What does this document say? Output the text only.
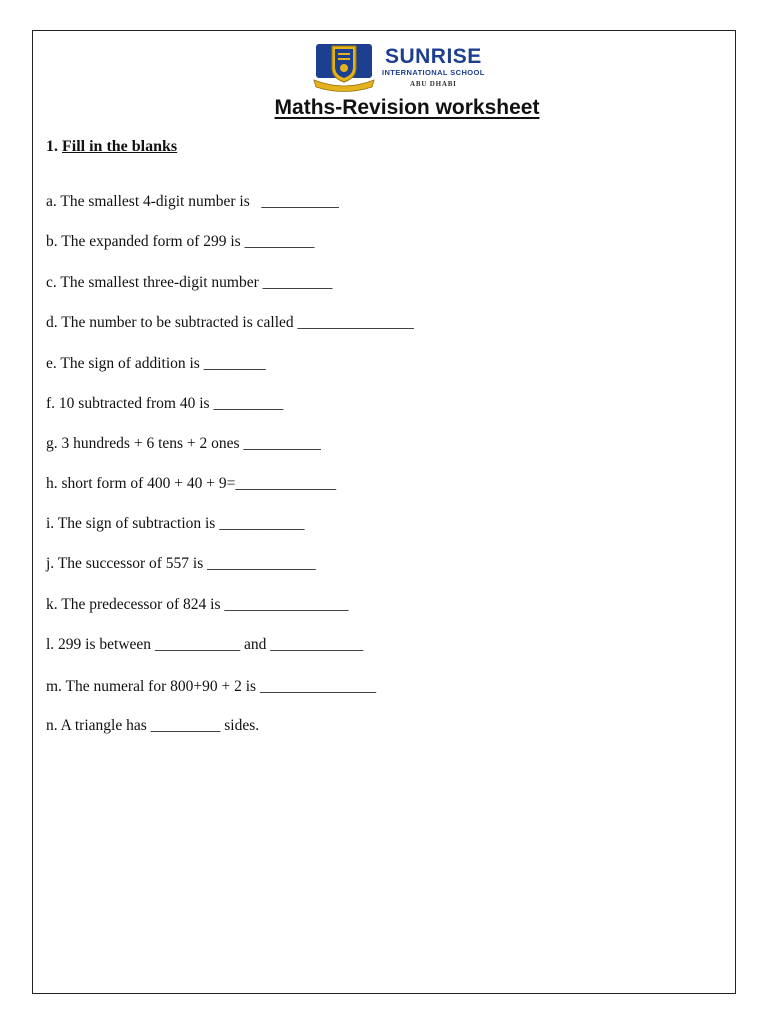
SUNRISE
INTERNATIONAL SCHOOL
ABU DHABI
Maths-Revision worksheet
1. Fill in the blanks
a. The smallest 4-digit number is   __________
b. The expanded form of 299 is _________
c. The smallest three-digit number _________
d. The number to be subtracted is called _______________
e. The sign of addition is ________
f. 10 subtracted from 40 is _________
g. 3 hundreds + 6 tens + 2 ones __________
h. short form of 400 + 40 + 9=_____________
i. The sign of subtraction is ___________
j. The successor of 557 is ______________
k. The predecessor of 824 is ________________
l. 299 is between ___________ and ____________
m. The numeral for 800+90 + 2 is _______________
n. A triangle has _________ sides.
